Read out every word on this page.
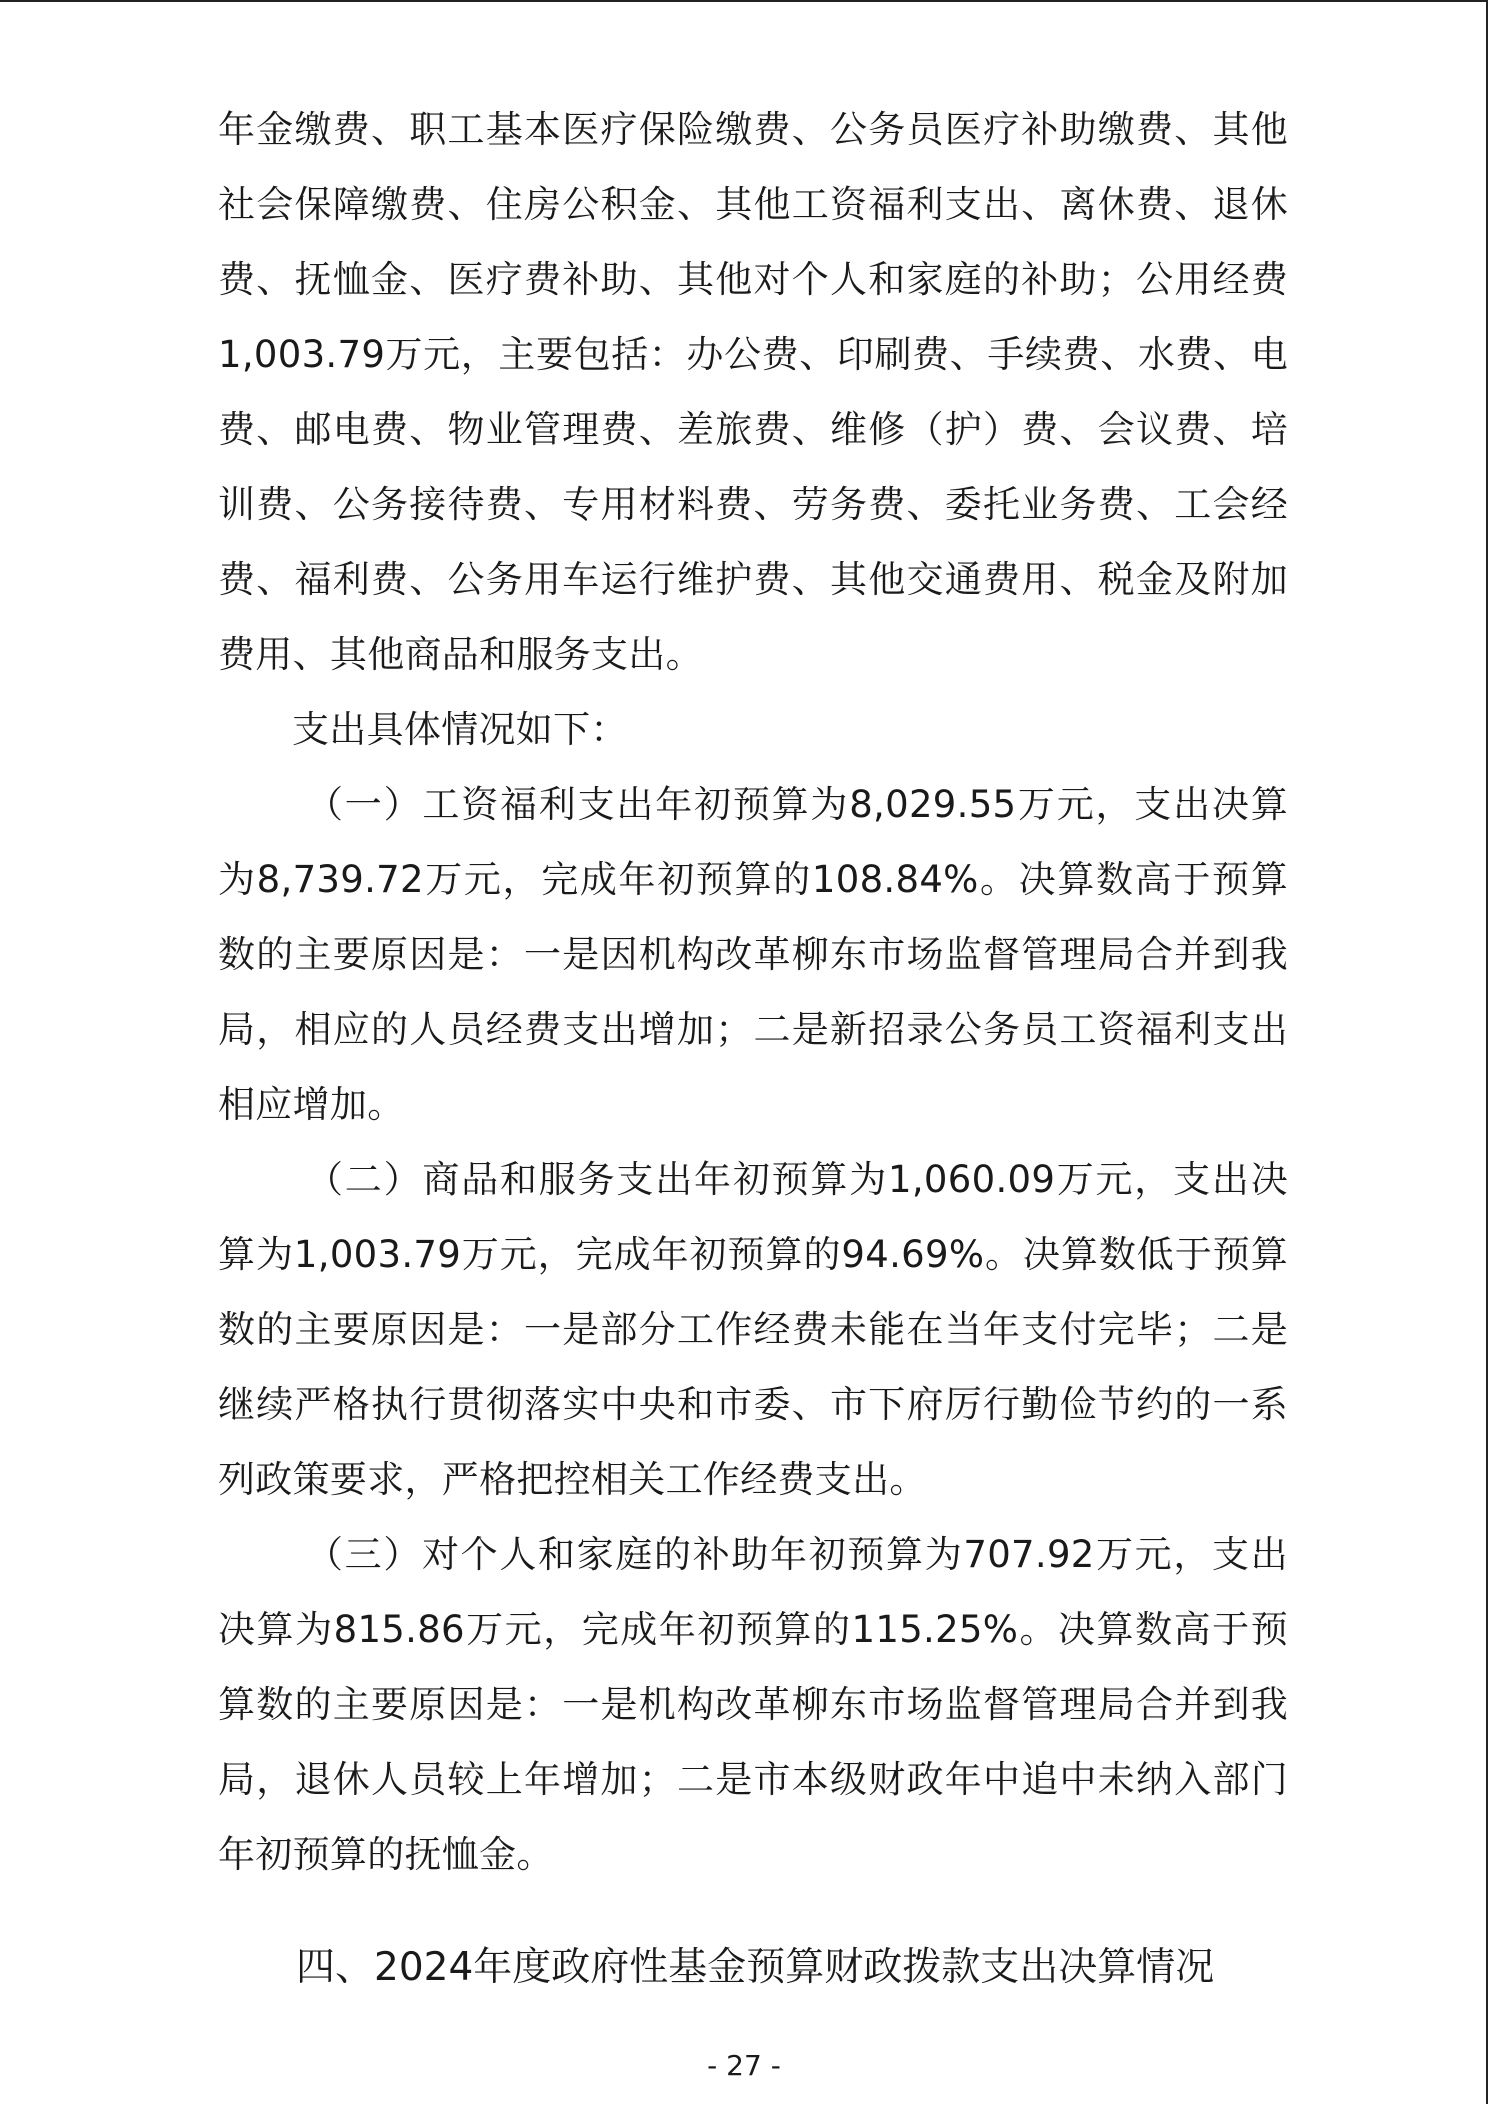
年金缴费、职工基本医疗保险缴费、公务员医疗补助缴费、其他社会保障缴费、住房公积金、其他工资福利支出、离休费、退休费、抚恤金、医疗费补助、其他对个人和家庭的补助；公用经费1,003.79万元，主要包括：办公费、印刷费、手续费、水费、电费、邮电费、物业管理费、差旅费、维修（护）费、会议费、培训费、公务接待费、专用材料费、劳务费、委托业务费、工会经费、福利费、公务用车运行维护费、其他交通费用、税金及附加费用、其他商品和服务支出。

支出具体情况如下：

（一）工资福利支出年初预算为8,029.55万元，支出决算为8,739.72万元，完成年初预算的108.84%。决算数高于预算数的主要原因是：一是因机构改革柳东市场监督管理局合并到我局，相应的人员经费支出增加；二是新招录公务员工资福利支出相应增加。

（二）商品和服务支出年初预算为1,060.09万元，支出决算为1,003.79万元，完成年初预算的94.69%。决算数低于预算数的主要原因是：一是部分工作经费未能在当年支付完毕；二是继续严格执行贯彻落实中央和市委、市下府厉行勤俭节约的一系列政策要求，严格把控相关工作经费支出。

（三）对个人和家庭的补助年初预算为707.92万元，支出决算为815.86万元，完成年初预算的115.25%。决算数高于预算数的主要原因是：一是机构改革柳东市场监督管理局合并到我局，退休人员较上年增加；二是市本级财政年中追中未纳入部门年初预算的抚恤金。

四、2024年度政府性基金预算财政拨款支出决算情况

- 27 -
